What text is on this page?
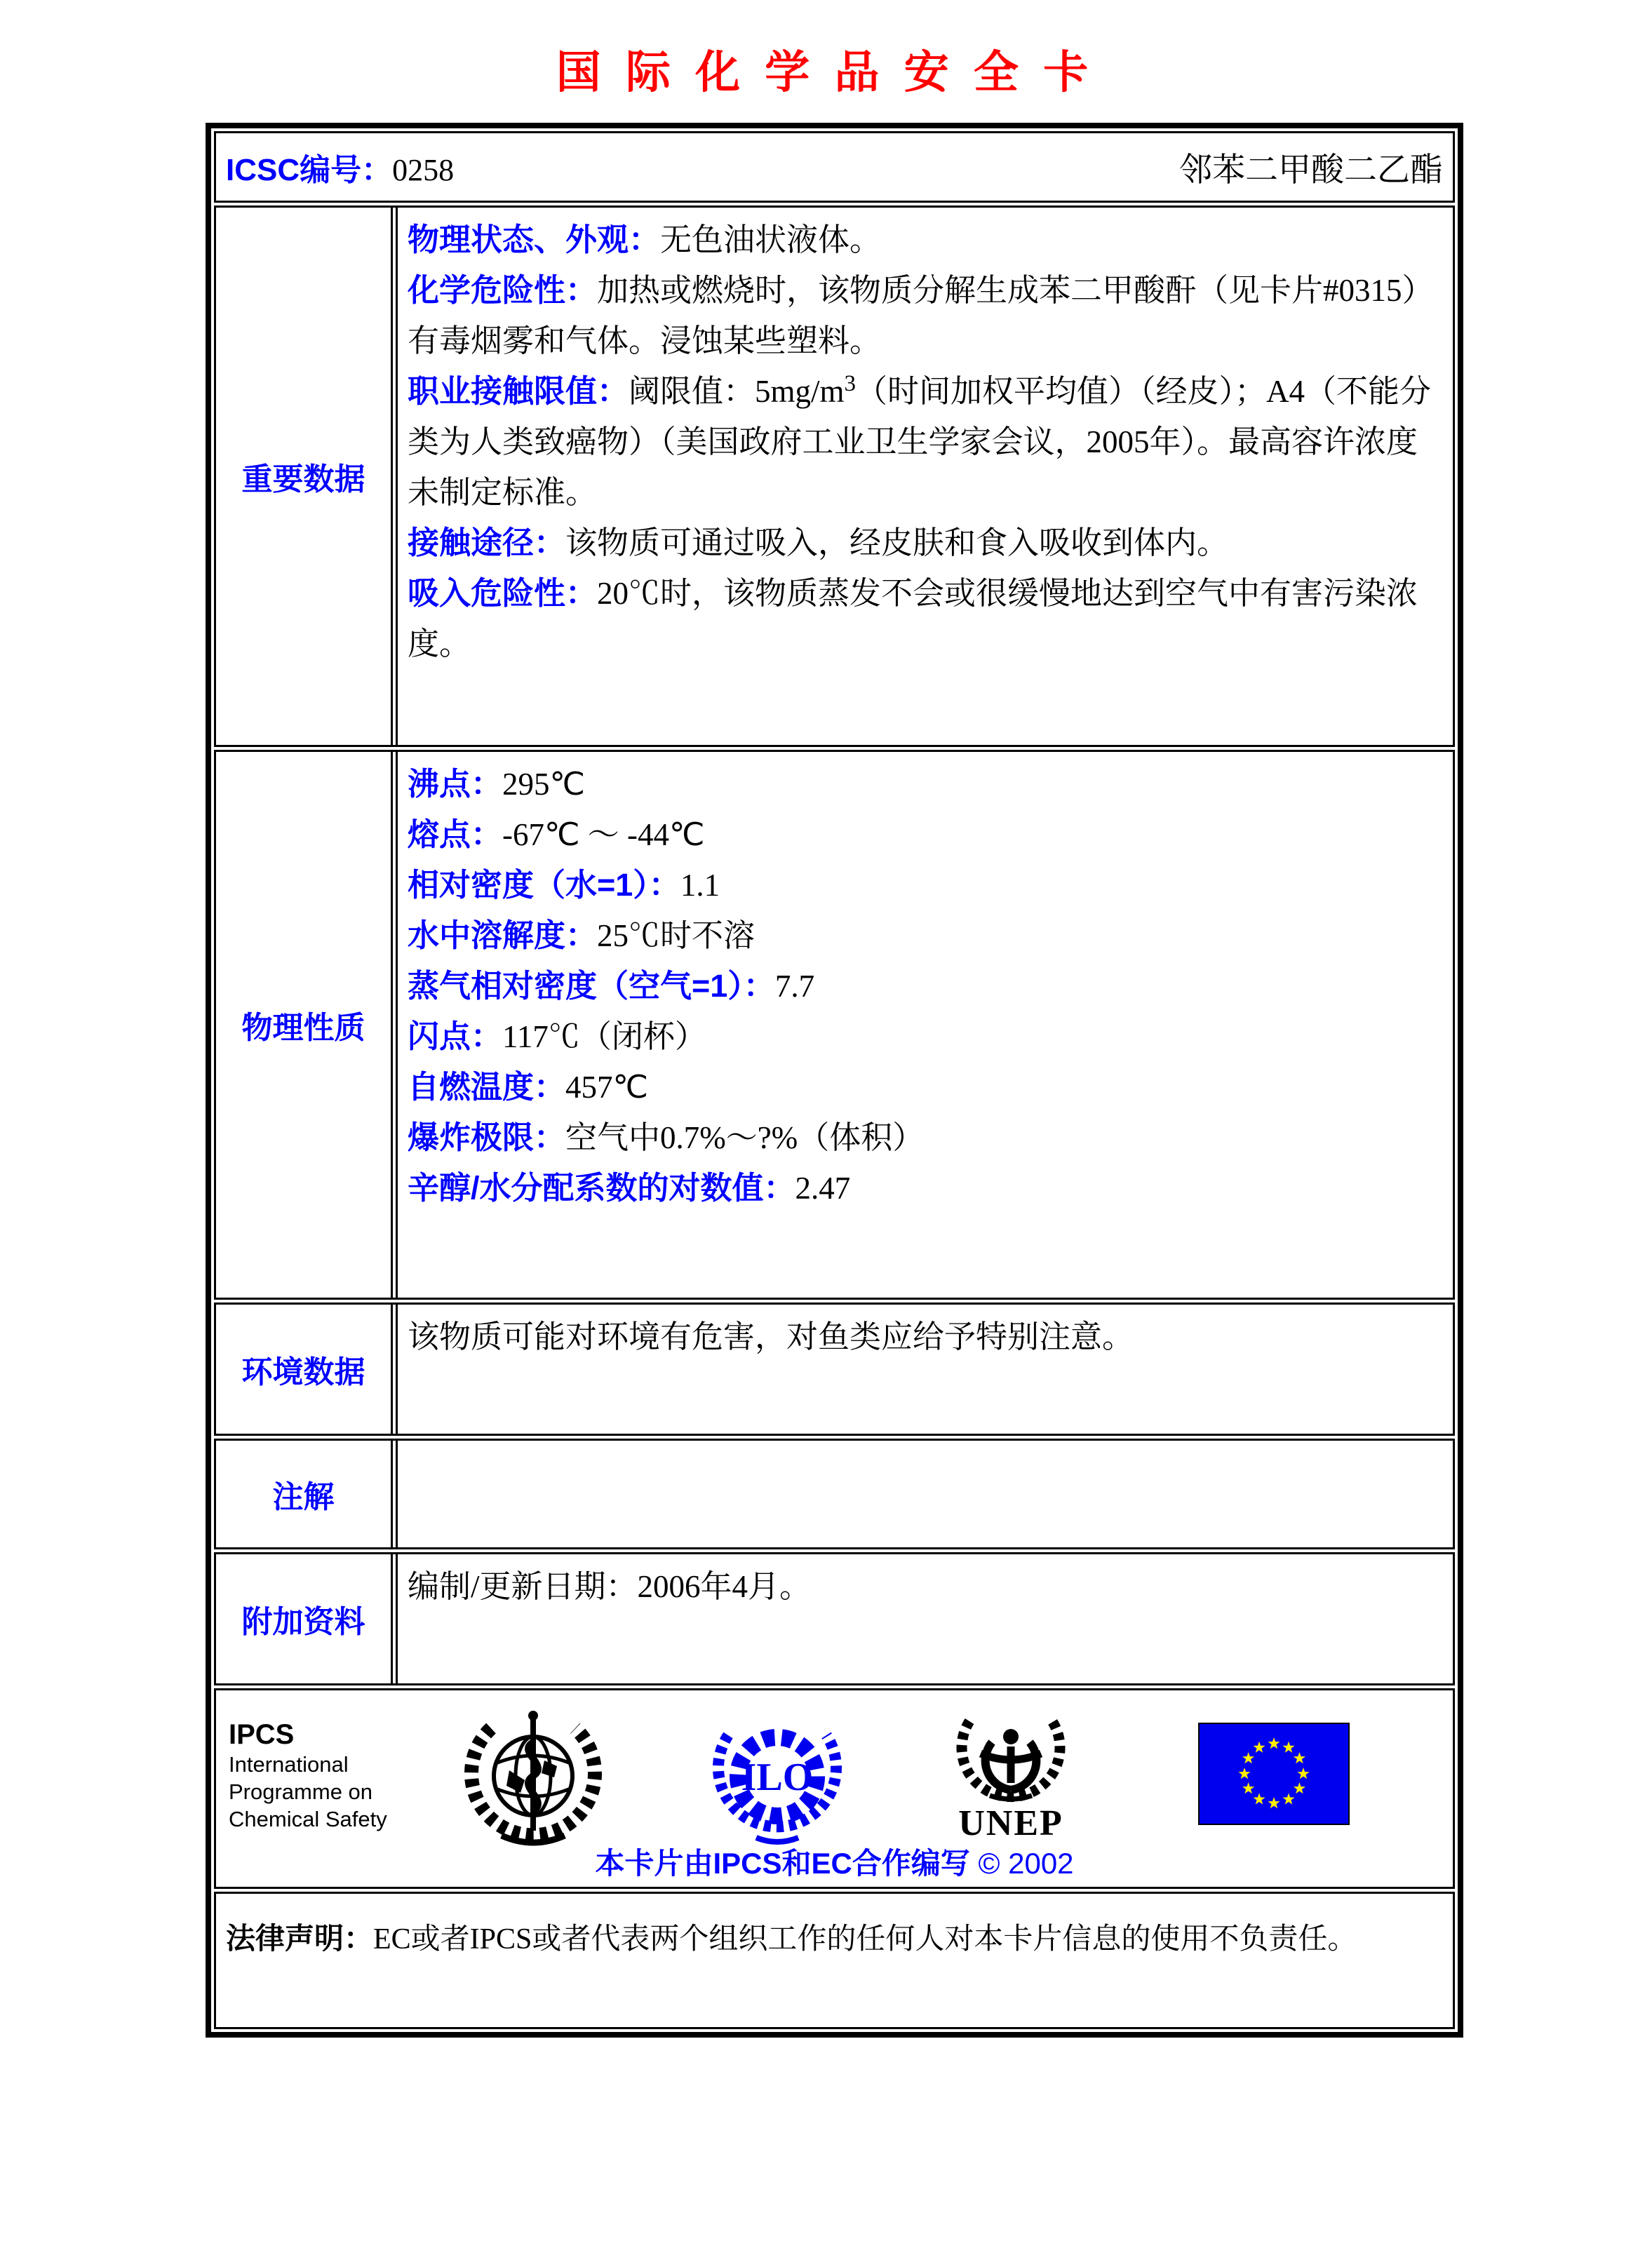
国际化学品安全卡
ICSC编号：0258	邻苯二甲酸二乙酯
重要数据
物理状态、外观：无色油状液体。
化学危险性：加热或燃烧时，该物质分解生成苯二甲酸酐（见卡片#0315）有毒烟雾和气体。浸蚀某些塑料。
职业接触限值：阈限值：$5mg/m^3$（时间加权平均值）（经皮）；A4（不能分类为人类致癌物）（美国政府工业卫生学家会议，2005年）。最高容许浓度未制定标准。
接触途径：该物质可通过吸入，经皮肤和食入吸收到体内。
吸入危险性：20℃时，该物质蒸发不会或很缓慢地达到空气中有害污染浓度。
物理性质
沸点：295℃
熔点：-67℃ ～ -44℃
相对密度（水=1）：1.1
水中溶解度：25℃时不溶
蒸气相对密度（空气=1）：7.7
闪点：117℃（闭杯）
自燃温度：457℃
爆炸极限：空气中0.7%～?%（体积）
辛醇/水分配系数的对数值：2.47
环境数据
该物质可能对环境有危害，对鱼类应给予特别注意。
注解
附加资料
编制/更新日期：2006年4月。
IPCS
International
Programme on
Chemical Safety
ILO
UNEP
本卡片由IPCS和EC合作编写 © 2002
法律声明：EC或者IPCS或者代表两个组织工作的任何人对本卡片信息的使用不负责任。
